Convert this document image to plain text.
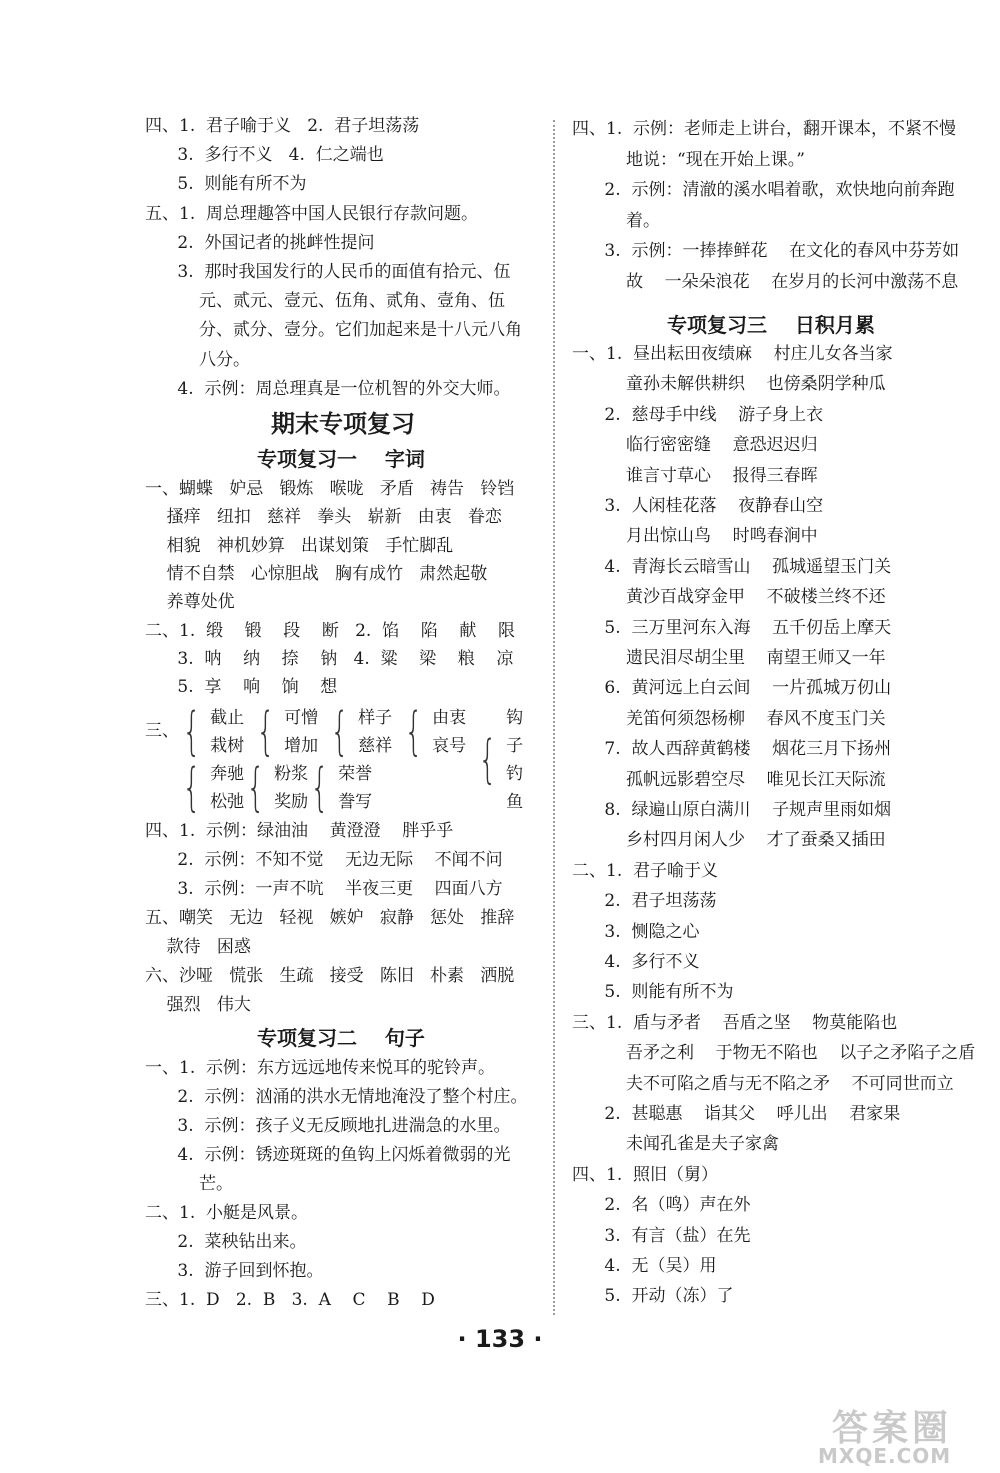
四、1.  君子喻于义   2.  君子坦荡荡
3.  多行不义   4.  仁之端也
5.  则能有所不为
五、1.  周总理趣答中国人民银行存款问题。
2.  外国记者的挑衅性提问
3.  那时我国发行的人民币的面值有拾元、伍
元、贰元、壹元、伍角、贰角、壹角、伍
分、贰分、壹分。它们加起来是十八元八角
八分。
4.  示例：周总理真是一位机智的外交大师。
期末专项复习
专项复习一    字词
一、蝴蝶   妒忌   锻炼   喉咙   矛盾   祷告   铃铛
搔痒   纽扣   慈祥   拳头   崭新   由衷   眷恋
相貌   神机妙算   出谋划策   手忙脚乱
情不自禁   心惊胆战   胸有成竹   肃然起敬
养尊处优
二、1.  缎    锻    段    断   2.  馅    陷    献    限
3.  呐    纳    捺    钠   4.  粱    梁    粮    凉
5.  享    响    饷    想
三、 { 截止
栽树 { 可憎
增加 { 样子
慈祥 { 由衷
哀号 {
钩子
钓鱼
{ 奔驰
松弛 { 粉浆
奖励 { 荣誉
誊写
四、1.  示例：绿油油    黄澄澄    胖乎乎
2.  示例：不知不觉    无边无际    不闻不问
3.  示例：一声不吭    半夜三更    四面八方
五、嘲笑   无边   轻视   嫉妒   寂静   惩处   推辞
款待   困惑
六、沙哑   慌张   生疏   接受   陈旧   朴素   洒脱
强烈   伟大
专项复习二    句子
一、1.  示例：东方远远地传来悦耳的驼铃声。
2.  示例：汹涌的洪水无情地淹没了整个村庄。
3.  示例：孩子义无反顾地扎进湍急的水里。
4.  示例：锈迹斑斑的鱼钩上闪烁着微弱的光
芒。
二、1.  小艇是风景。
2.  菜秧钻出来。
3.  游子回到怀抱。
三、1.  D   2.  B   3.  A    C    B    D
四、1.  示例：老师走上讲台，翻开课本，不紧不慢
地说：“现在开始上课。”
2.  示例：清澈的溪水唱着歌，欢快地向前奔跑
着。
3.  示例：一捧捧鲜花    在文化的春风中芬芳如
故    一朵朵浪花    在岁月的长河中激荡不息
专项复习三    日积月累
一、1.  昼出耘田夜绩麻    村庄儿女各当家
童孙未解供耕织    也傍桑阴学种瓜
2.  慈母手中线    游子身上衣
临行密密缝    意恐迟迟归
谁言寸草心    报得三春晖
3.  人闲桂花落    夜静春山空
月出惊山鸟    时鸣春涧中
4.  青海长云暗雪山    孤城遥望玉门关
黄沙百战穿金甲    不破楼兰终不还
5.  三万里河东入海    五千仞岳上摩天
遗民泪尽胡尘里    南望王师又一年
6.  黄河远上白云间    一片孤城万仞山
羌笛何须怨杨柳    春风不度玉门关
7.  故人西辞黄鹤楼    烟花三月下扬州
孤帆远影碧空尽    唯见长江天际流
8.  绿遍山原白满川    子规声里雨如烟
乡村四月闲人少    才了蚕桑又插田
二、1.  君子喻于义
2.  君子坦荡荡
3.  恻隐之心
4.  多行不义
5.  则能有所不为
三、1.  盾与矛者    吾盾之坚    物莫能陷也
吾矛之利    于物无不陷也    以子之矛陷子之盾
夫不可陷之盾与无不陷之矛    不可同世而立
2.  甚聪惠    诣其父    呼儿出    君家果
未闻孔雀是夫子家禽
四、1.  照旧（舅）
2.  名（鸣）声在外
3.  有言（盐）在先
4.  无（吴）用
5.  开动（冻）了
· 133 ·
答案圈
MXQE.COM
